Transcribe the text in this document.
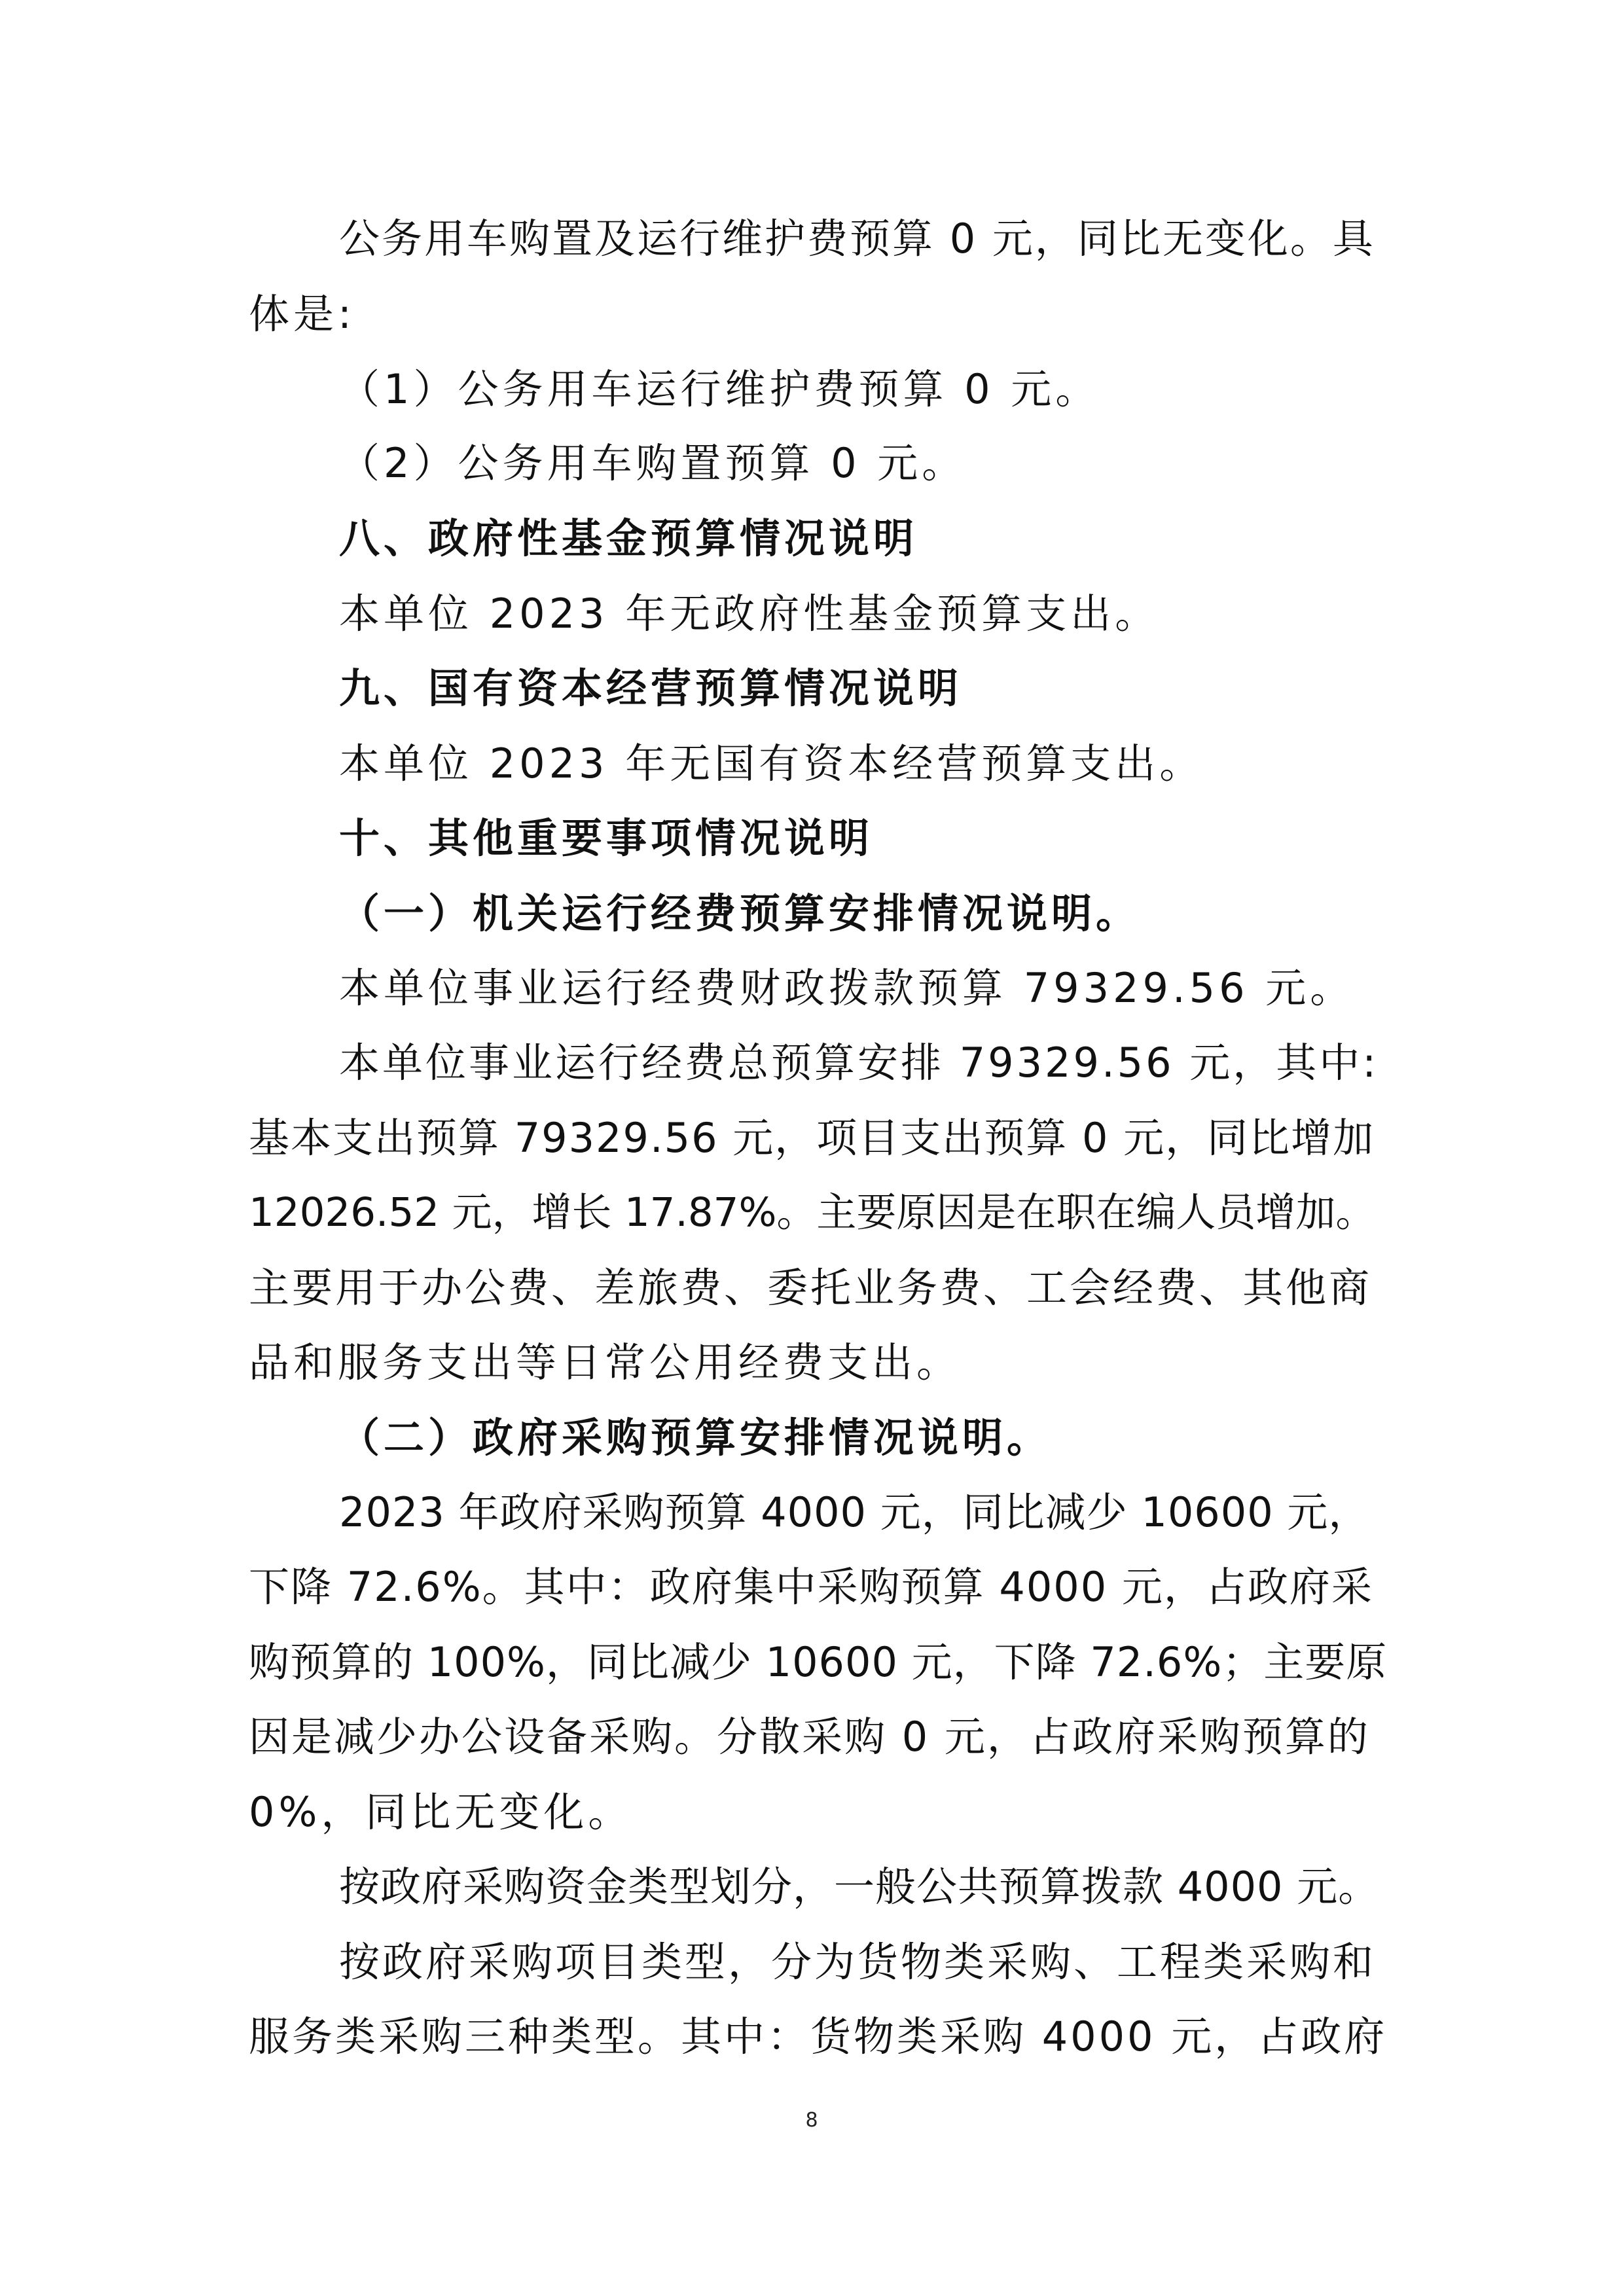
公务用车购置及运行维护费预算 0 元，同比无变化。具
体是:
（1）公务用车运行维护费预算 0 元。
（2）公务用车购置预算 0 元。
八、政府性基金预算情况说明
本单位 2023 年无政府性基金预算支出。
九、国有资本经营预算情况说明
本单位 2023 年无国有资本经营预算支出。
十、其他重要事项情况说明
（一）机关运行经费预算安排情况说明。
本单位事业运行经费财政拨款预算 79329.56 元。
本单位事业运行经费总预算安排 79329.56 元，其中:
基本支出预算 79329.56 元，项目支出预算 0 元，同比增加
12026.52 元，增长 17.87%。主要原因是在职在编人员增加。
主要用于办公费、差旅费、委托业务费、工会经费、其他商
品和服务支出等日常公用经费支出。
（二）政府采购预算安排情况说明。
2023 年政府采购预算 4000 元，同比减少 10600 元，
下降 72.6%。其中：政府集中采购预算 4000 元，占政府采
购预算的 100%，同比减少 10600 元，下降 72.6%；主要原
因是减少办公设备采购。分散采购 0 元，占政府采购预算的
0%，同比无变化。
按政府采购资金类型划分，一般公共预算拨款 4000 元。
按政府采购项目类型，分为货物类采购、工程类采购和
服务类采购三种类型。其中：货物类采购 4000 元，占政府
8
